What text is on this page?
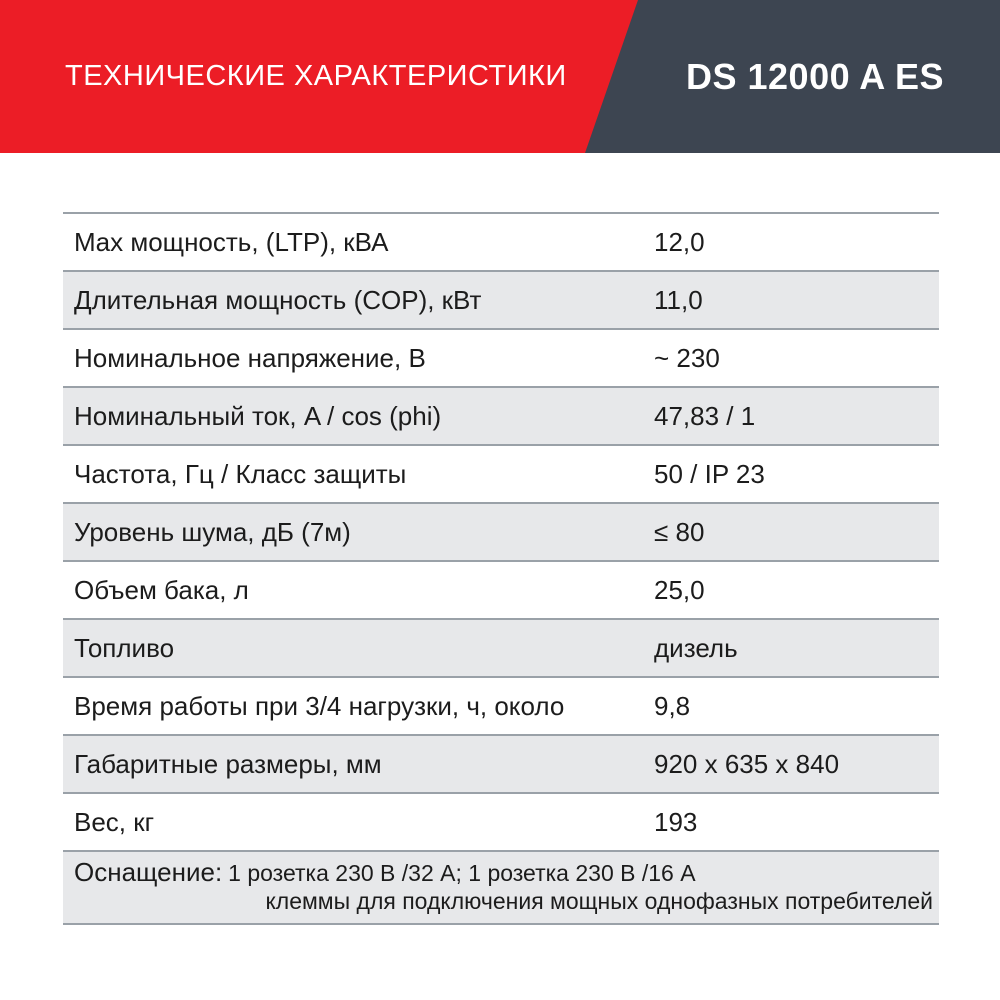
ТЕХНИЧЕСКИЕ ХАРАКТЕРИСТИКИ	DS 12000 A ES
Max мощность, (LTP), кВА	12,0
Длительная мощность (COP), кВт	11,0
Номинальное напряжение, В	~ 230
Номинальный ток, A / cos (phi)	47,83 / 1
Частота, Гц / Класс защиты	50 / IP 23
Уровень шума, дБ (7м)	≤ 80
Объем бака, л	25,0
Топливо	дизель
Время работы при 3/4 нагрузки, ч, около	9,8
Габаритные размеры, мм	920 x 635 x 840
Вес, кг	193
Оснащение: 1 розетка 230 В /32 А; 1 розетка 230 В /16 А
клеммы для подключения мощных однофазных потребителей
